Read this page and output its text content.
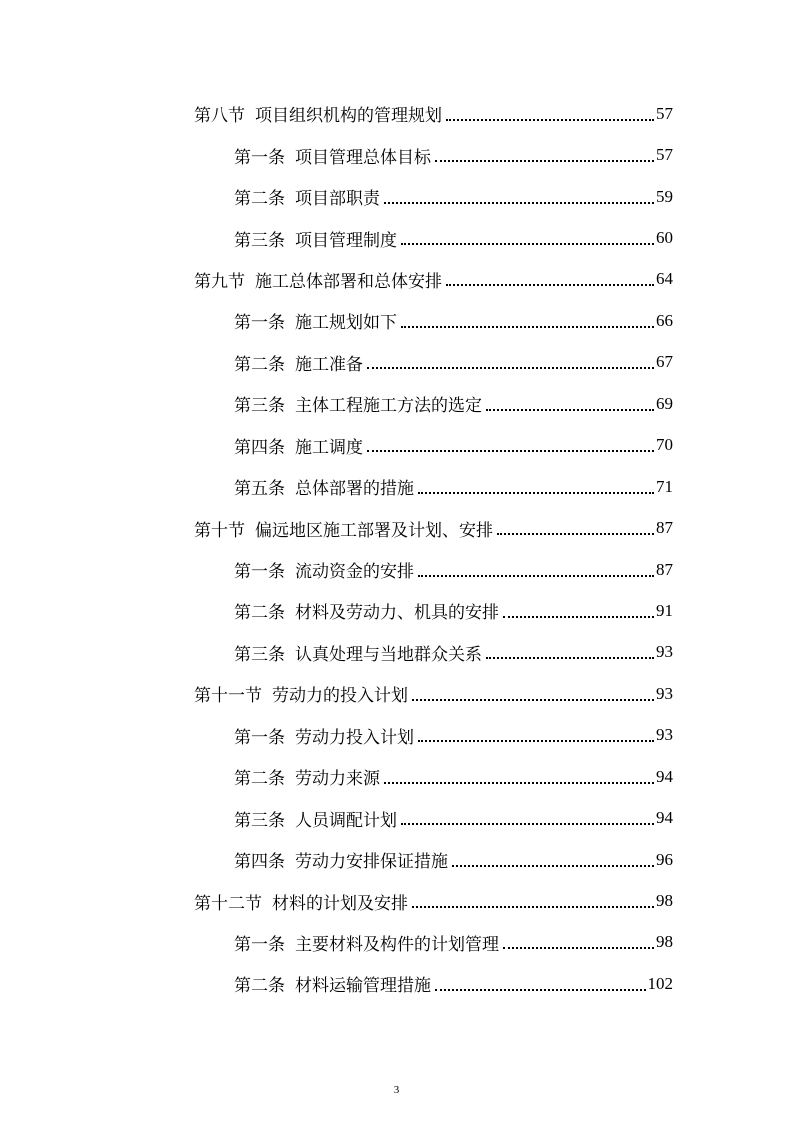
第八节 项目组织机构的管理规划	57
第一条 项目管理总体目标	57
第二条 项目部职责	59
第三条 项目管理制度	60
第九节 施工总体部署和总体安排	64
第一条 施工规划如下	66
第二条 施工准备	67
第三条 主体工程施工方法的选定	69
第四条 施工调度	70
第五条 总体部署的措施	71
第十节 偏远地区施工部署及计划、安排	87
第一条 流动资金的安排	87
第二条 材料及劳动力、机具的安排	91
第三条 认真处理与当地群众关系	93
第十一节 劳动力的投入计划	93
第一条 劳动力投入计划	93
第二条 劳动力来源	94
第三条 人员调配计划	94
第四条 劳动力安排保证措施	96
第十二节 材料的计划及安排	98
第一条 主要材料及构件的计划管理	98
第二条 材料运输管理措施	102
3
